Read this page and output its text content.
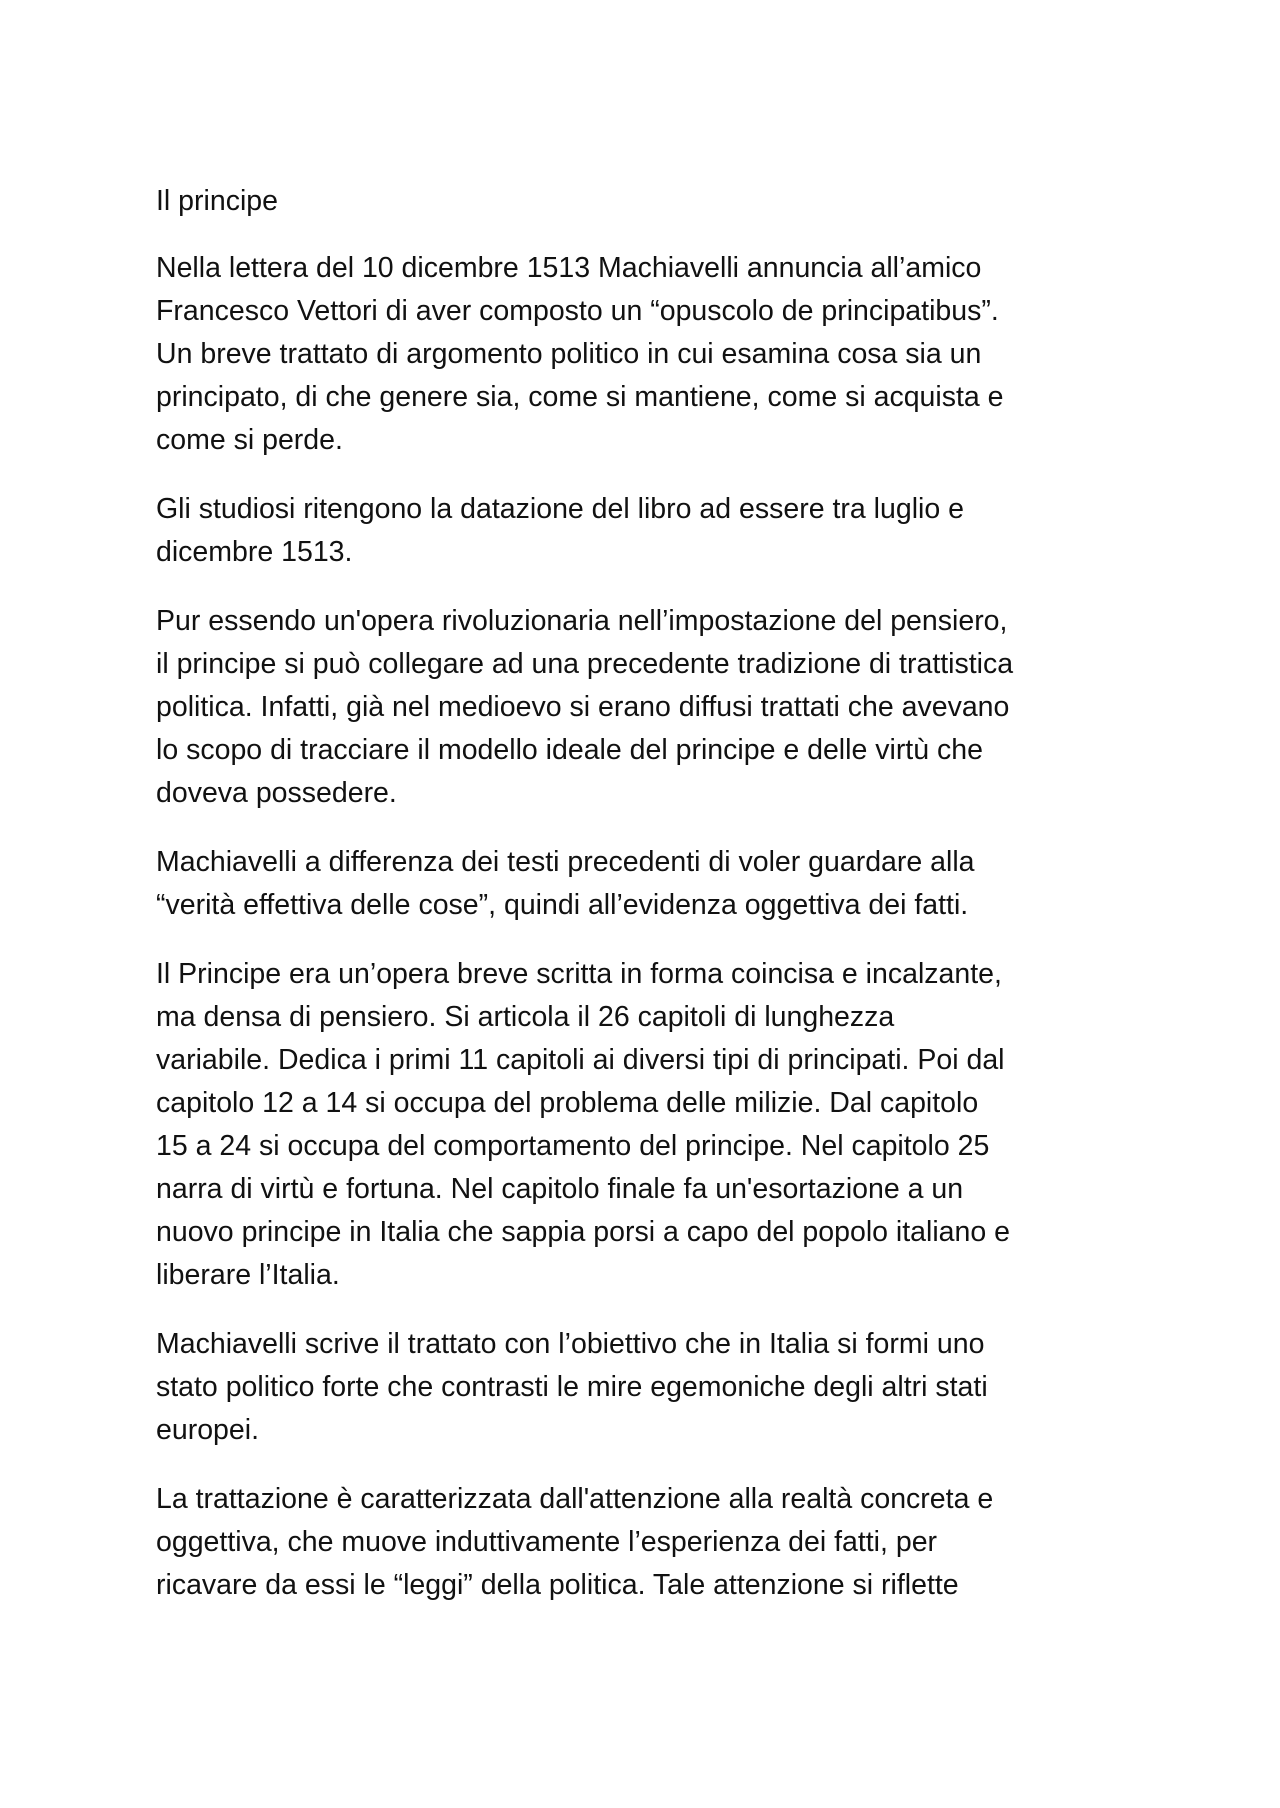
Il principe

Nella lettera del 10 dicembre 1513 Machiavelli annuncia all’amico
Francesco Vettori di aver composto un “opuscolo de principatibus”.
Un breve trattato di argomento politico in cui esamina cosa sia un
principato, di che genere sia, come si mantiene, come si acquista e
come si perde.

Gli studiosi ritengono la datazione del libro ad essere tra luglio e
dicembre 1513.

Pur essendo un'opera rivoluzionaria nell’impostazione del pensiero,
il principe si può collegare ad una precedente tradizione di trattistica
politica. Infatti, già nel medioevo si erano diffusi trattati che avevano
lo scopo di tracciare il modello ideale del principe e delle virtù che
doveva possedere.

Machiavelli a differenza dei testi precedenti di voler guardare alla
“verità effettiva delle cose”, quindi all’evidenza oggettiva dei fatti.

Il Principe era un’opera breve scritta in forma coincisa e incalzante,
ma densa di pensiero. Si articola il 26 capitoli di lunghezza
variabile. Dedica i primi 11 capitoli ai diversi tipi di principati. Poi dal
capitolo 12 a 14 si occupa del problema delle milizie. Dal capitolo
15 a 24 si occupa del comportamento del principe. Nel capitolo 25
narra di virtù e fortuna. Nel capitolo finale fa un'esortazione a un
nuovo principe in Italia che sappia porsi a capo del popolo italiano e
liberare l’Italia.

Machiavelli scrive il trattato con l’obiettivo che in Italia si formi uno
stato politico forte che contrasti le mire egemoniche degli altri stati
europei.

La trattazione è caratterizzata dall'attenzione alla realtà concreta e
oggettiva, che muove induttivamente l’esperienza dei fatti, per
ricavare da essi le “leggi” della politica. Tale attenzione si riflette
